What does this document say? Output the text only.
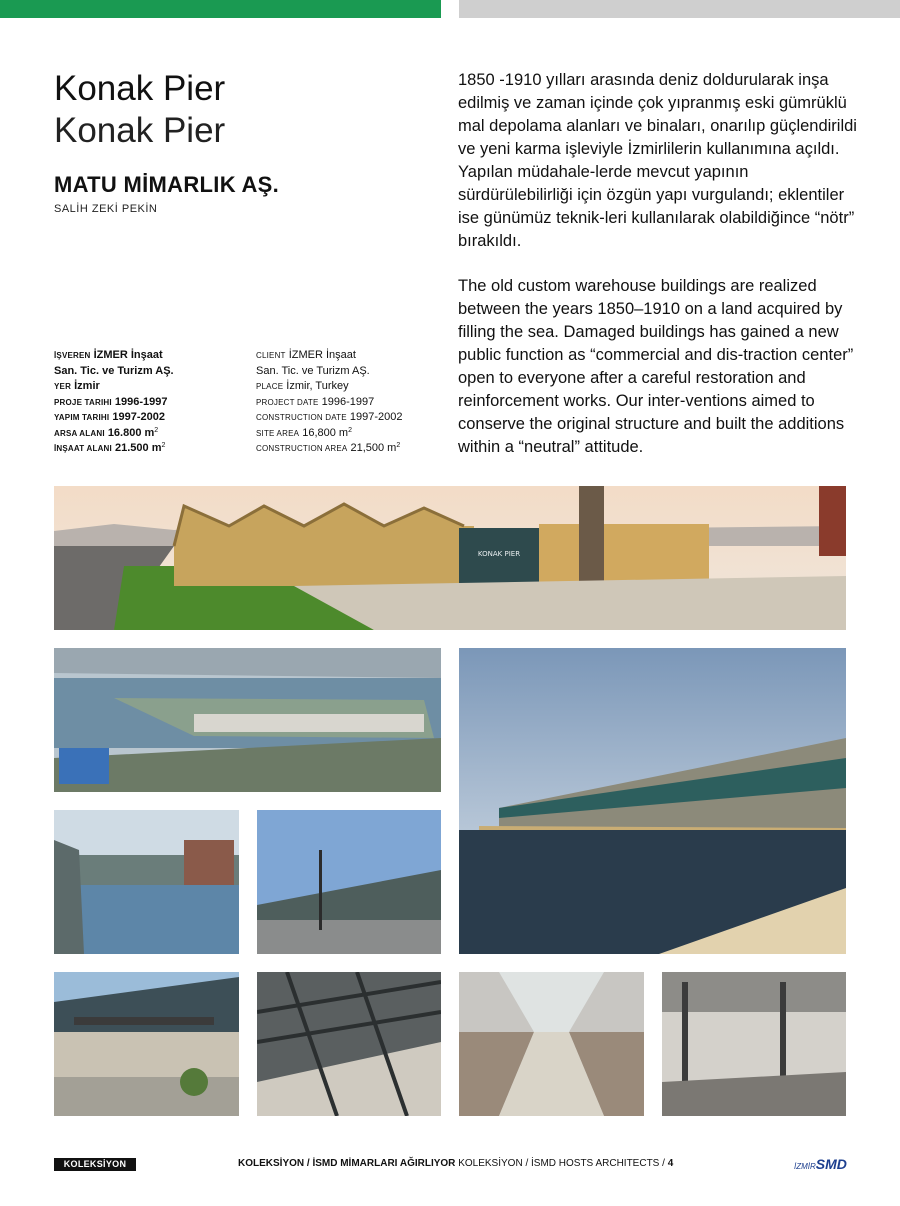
Konak Pier
Konak Pier
MATU MİMARLIK AŞ.
SALİH ZEKİ PEKİN
İŞVEREN İZMER İnşaat
San. Tic. ve Turizm AŞ.
YER İzmir
PROJE TARIHI 1996-1997
YAPIM TARIHI 1997-2002
ARSA ALANI 16.800 $m^2$
İNŞAAT ALANI 21.500 $m^2$
CLIENT İZMER İnşaat
San. Tic. ve Turizm AŞ.
PLACE İzmir, Turkey
PROJECT DATE 1996-1997
CONSTRUCTION DATE 1997-2002
SITE AREA 16,800 $m^2$
CONSTRUCTION AREA 21,500 $m^2$

1850 -1910 yılları arasında deniz doldurularak inşa edilmiş ve zaman içinde çok yıpranmış eski gümrüklü mal depolama alanları ve binaları, onarılıp güçlendirildi ve yeni karma işleviyle İzmirlilerin kullanımına açıldı. Yapılan müdahale-lerde mevcut yapının sürdürülebilirliği için özgün yapı vurgulandı; eklentiler ise günümüz teknik-leri kullanılarak olabildiğince “nötr” bırakıldı.

The old custom warehouse buildings are realized between the years 1850–1910 on a land acquired by filling the sea. Damaged buildings has gained a new public function as “commercial and dis-traction center” open to everyone after a careful restoration and reinforcement works. Our inter-ventions aimed to conserve the original structure and built the additions within a “neutral” attitude.

KONAK PIER
KOLEKSİYON	KOLEKSİYON / İSMD MİMARLARI AĞIRLIYOR KOLEKSİYON / İSMD HOSTS ARCHITECTS / 4	İZMİRSMD
